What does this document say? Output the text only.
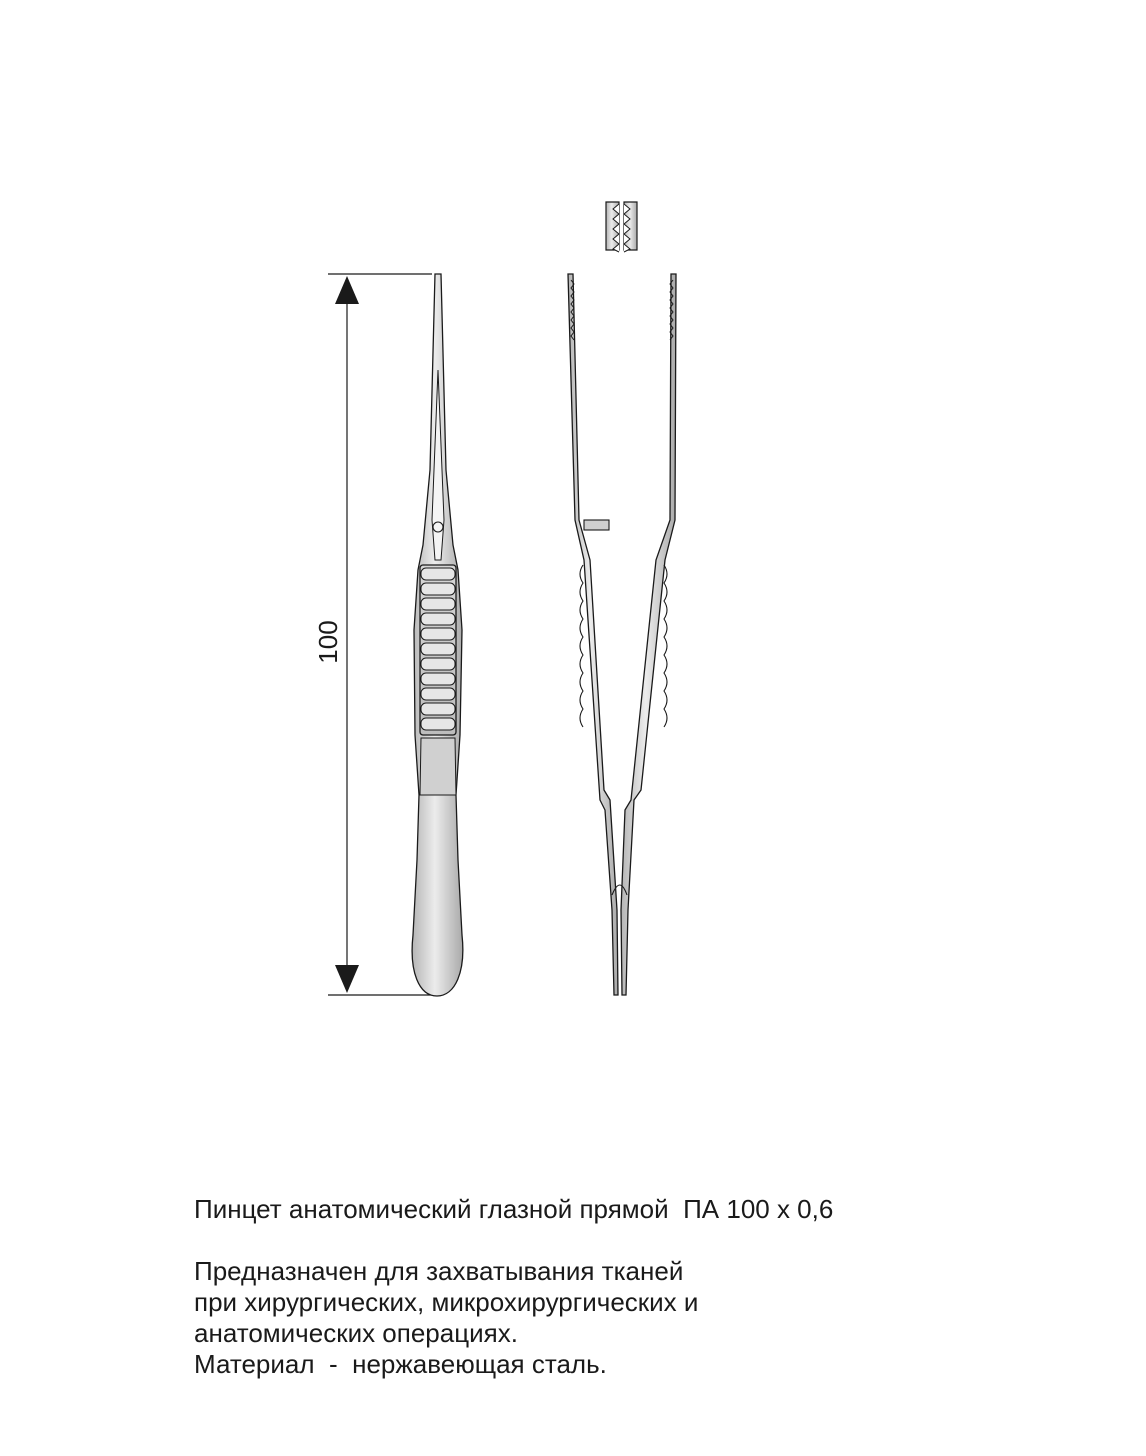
100

Пинцет анатомический глазной прямой  ПА 100 х 0,6

Предназначен для захватывания тканей

при хирургических, микрохирургических и

анатомических операциях.

Материал  -  нержавеющая сталь.
